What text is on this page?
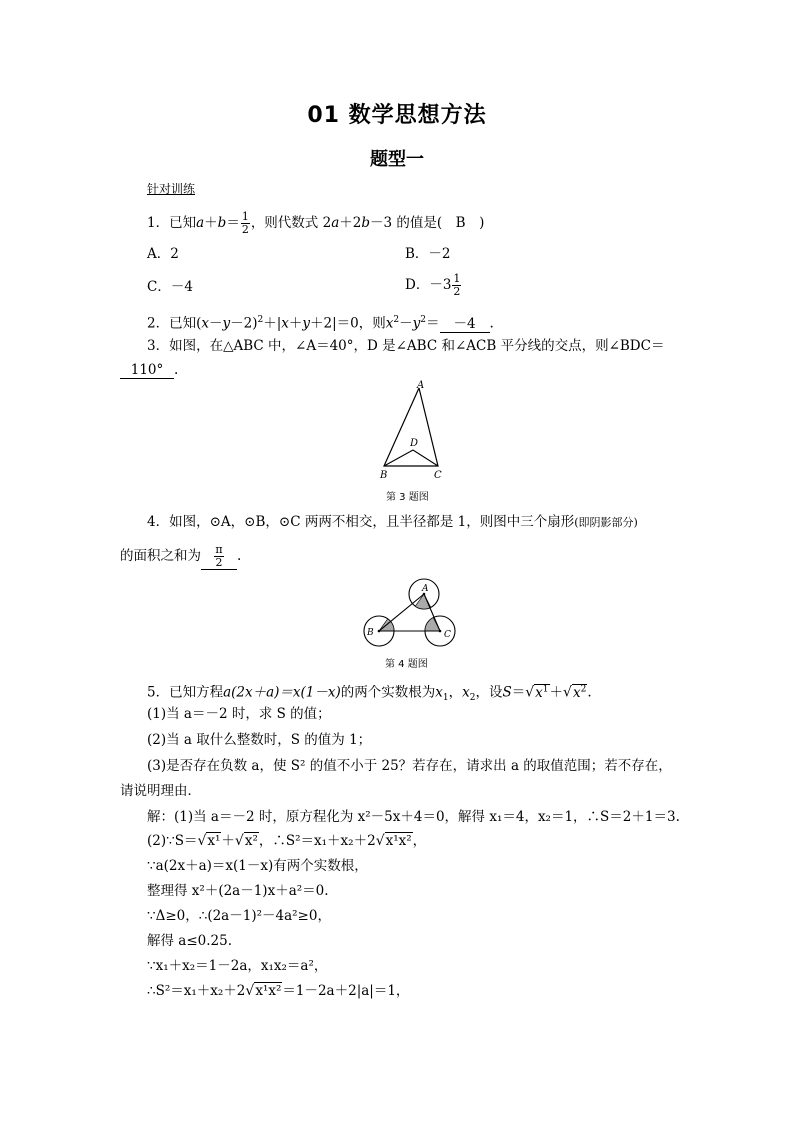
01 数学思想方法
题型一
针对训练
1．已知$a+b= \frac{1}{2}$ ，则代数式 2a＋2b－3 的值是(　B　)
A．2	B．－2
C．－4	D．$-3 \frac{1}{2}$
2．已知$(x-y-2)^2+|x+y+2|=0$，则$x^2-y^2= -4$ .
3．如图，在△ABC 中，∠A＝40°，D 是∠ABC 和∠ACB 平分线的交点，则∠BDC＝
110° .
A
B	C
D
第 3 题图
4．如图，⊙A，⊙B，⊙C 两两不相交，且半径都是 1，则图中三个扇形(即阴影部分)
的面积之和为 $\frac{\pi}{2}$ .
A
B	C
第 4 题图
5．已知方程a(2x＋a)＝x(1－x)的两个实数根为$x_1$，$x_2$，设$S=√x^1+√x^2$.
(1)当 a＝－2 时，求 S 的值；
(2)当 a 取什么整数时，S 的值为 1；
(3)是否存在负数 a，使 S² 的值不小于 25？若存在，请求出 a 的取值范围；若不存在，
请说明理由．
解：(1)当 a＝－2 时，原方程化为 x²－5x＋4＝0，解得 x₁＝4，x₂＝1，∴S＝2＋1＝3.
(2)∵S＝√x¹＋√x²，∴S²＝x₁＋x₂＋2√x¹x²，
∵a(2x＋a)＝x(1－x)有两个实数根，
整理得 x²＋(2a－1)x＋a²＝0.
∵Δ≥0，∴(2a－1)²－4a²≥0，
解得 a≤0.25.
∵x₁＋x₂＝1－2a，x₁x₂＝a²，
∴S²＝x₁＋x₂＋2√x¹x²＝1－2a＋2|a|＝1，
